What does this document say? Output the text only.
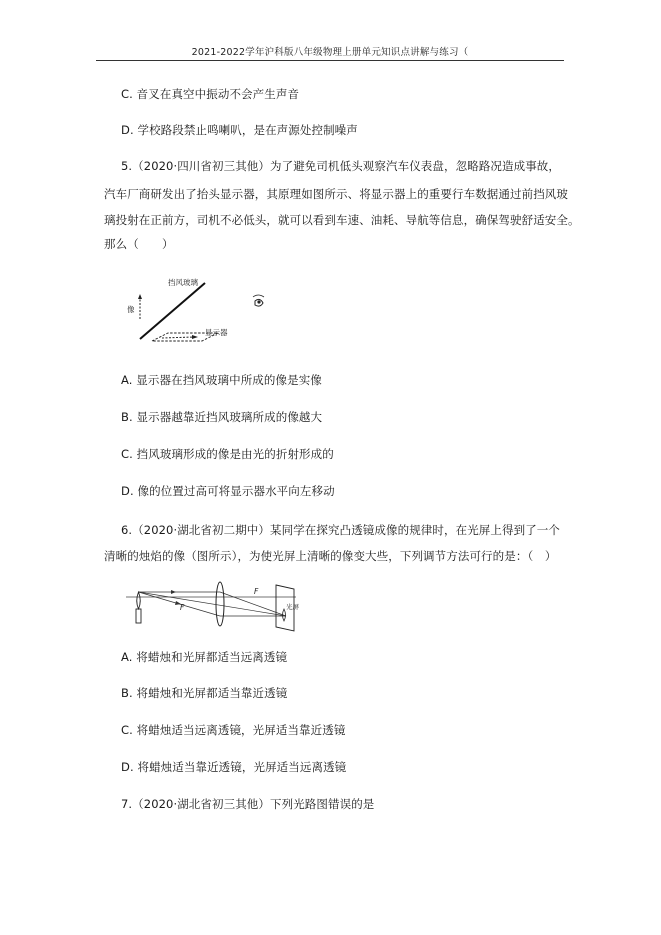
2021-2022学年沪科版八年级物理上册单元知识点讲解与练习（
C. 音叉在真空中振动不会产生声音
D. 学校路段禁止鸣喇叭，是在声源处控制噪声
5.（2020·四川省初三其他）为了避免司机低头观察汽车仪表盘，忽略路况造成事故，
汽车厂商研发出了抬头显示器，其原理如图所示、将显示器上的重要行车数据通过前挡风玻
璃投射在正前方，司机不必低头，就可以看到车速、油耗、导航等信息，确保驾驶舒适安全。
那么（　　）
挡风玻璃
像
显示器
A. 显示器在挡风玻璃中所成的像是实像
B. 显示器越靠近挡风玻璃所成的像越大
C. 挡风玻璃形成的像是由光的折射形成的
D. 像的位置过高可将显示器水平向左移动
6.（2020·湖北省初二期中）某同学在探究凸透镜成像的规律时，在光屏上得到了一个
清晰的烛焰的像（图所示），为使光屏上清晰的像变大些，下列调节方法可行的是：（　）
F
F
光屏
A. 将蜡烛和光屏都适当远离透镜
B. 将蜡烛和光屏都适当靠近透镜
C. 将蜡烛适当远离透镜，光屏适当靠近透镜
D. 将蜡烛适当靠近透镜，光屏适当远离透镜
7.（2020·湖北省初三其他）下列光路图错误的是
